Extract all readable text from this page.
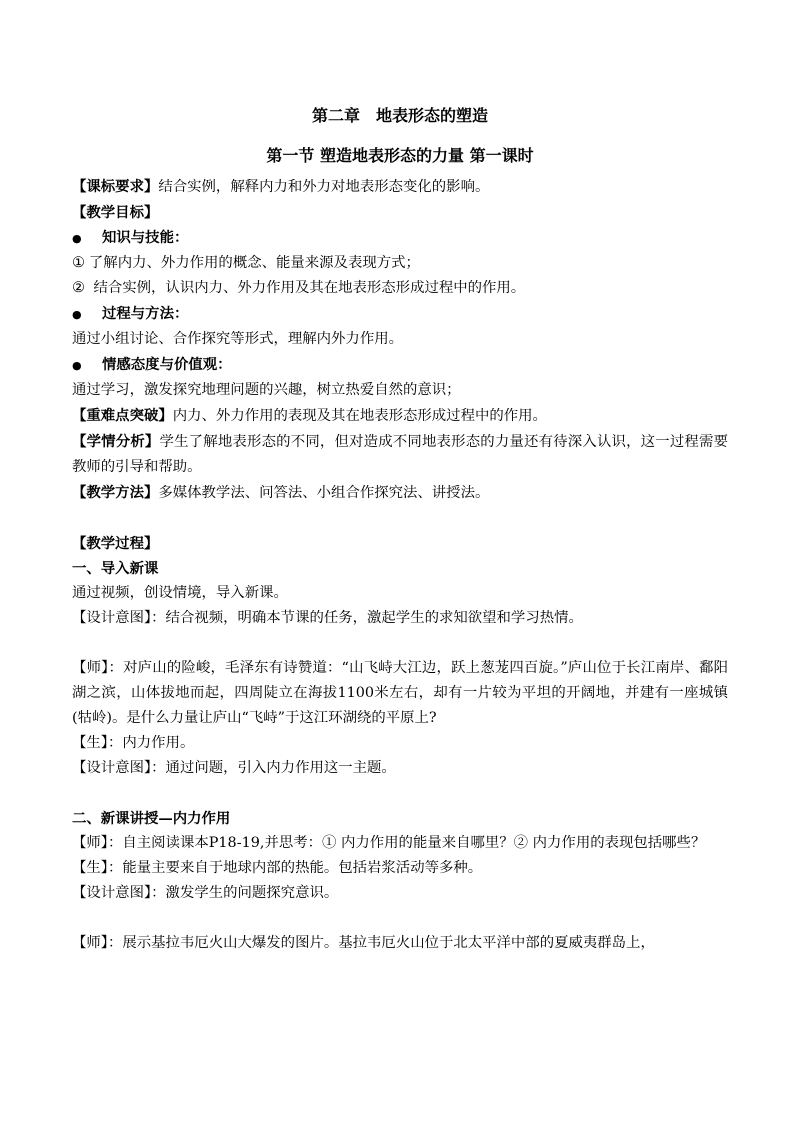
第二章　地表形态的塑造
第一节 塑造地表形态的力量 第一课时

【课标要求】结合实例，解释内力和外力对地表形态变化的影响。

【教学目标】

●	知识与技能：

① 了解内力、外力作用的概念、能量来源及表现方式；

② 结合实例，认识内力、外力作用及其在地表形态形成过程中的作用。

●	过程与方法：

通过小组讨论、合作探究等形式，理解内外力作用。

●	情感态度与价值观：

通过学习，激发探究地理问题的兴趣，树立热爱自然的意识；

【重难点突破】内力、外力作用的表现及其在地表形态形成过程中的作用。

【学情分析】学生了解地表形态的不同，但对造成不同地表形态的力量还有待深入认识，这一过程需要教师的引导和帮助。

【教学方法】多媒体教学法、问答法、小组合作探究法、讲授法。

【教学过程】

一、导入新课

通过视频，创设情境，导入新课。

【设计意图】：结合视频，明确本节课的任务，激起学生的求知欲望和学习热情。

【师】：对庐山的险峻，毛泽东有诗赞道：“山飞峙大江边，跃上葱茏四百旋。”庐山位于长江南岸、鄱阳湖之滨，山体拔地而起，四周陡立在海拔1100米左右，却有一片较为平坦的开阔地，并建有一座城镇(牯岭)。是什么力量让庐山“飞峙”于这江环湖绕的平原上?

【生】：内力作用。

【设计意图】：通过问题，引入内力作用这一主题。

二、新课讲授—内力作用

【师】：自主阅读课本P18-19,并思考：① 内力作用的能量来自哪里？② 内力作用的表现包括哪些？

【生】：能量主要来自于地球内部的热能。包括岩浆活动等多种。

【设计意图】：激发学生的问题探究意识。

【师】：展示基拉韦厄火山大爆发的图片。基拉韦厄火山位于北太平洋中部的夏威夷群岛上，
